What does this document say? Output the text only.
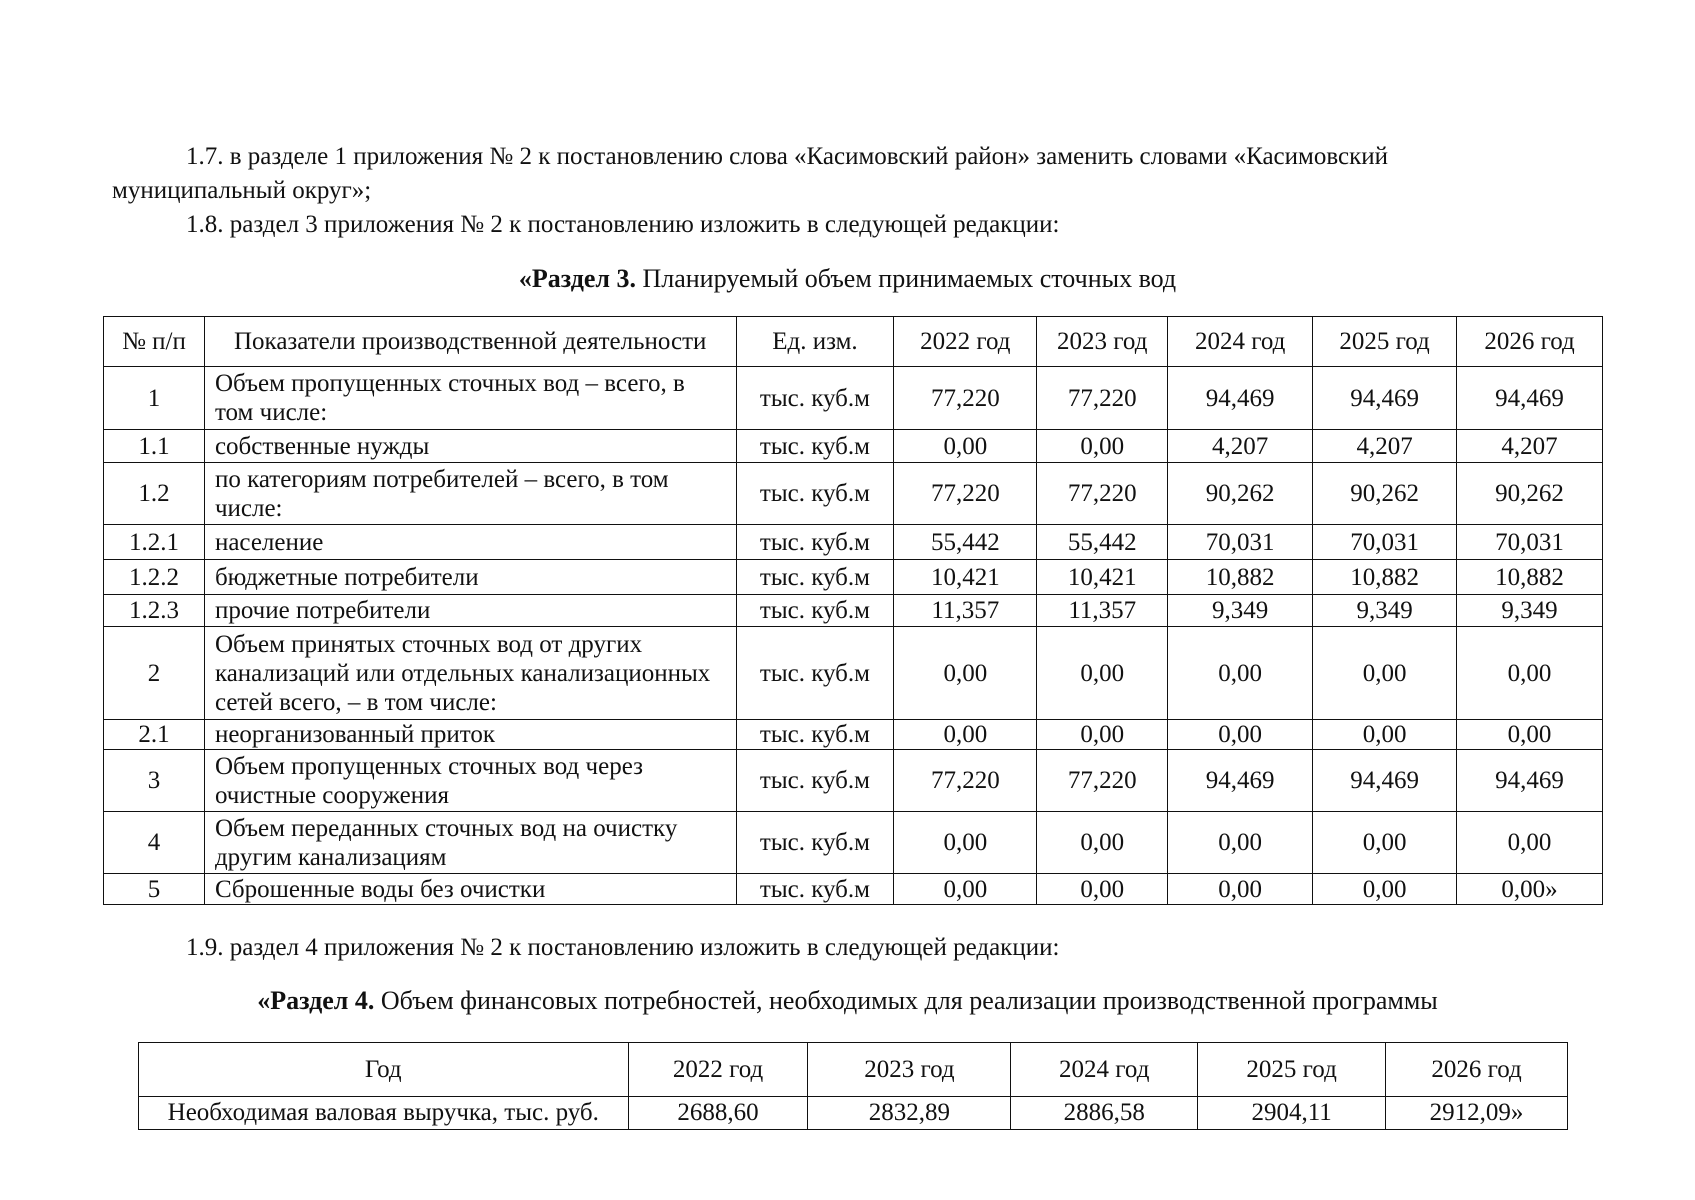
1.7. в разделе 1 приложения № 2 к постановлению слова «Касимовский район» заменить словами «Касимовский
муниципальный округ»;

1.8. раздел 3 приложения № 2 к постановлению изложить в следующей редакции:

«Раздел 3. Планируемый объем принимаемых сточных вод

№ п/п	Показатели производственной деятельности	Ед. изм.	2022 год	2023 год	2024 год	2025 год	2026 год
1	Объем пропущенных сточных вод – всего, в том числе:	тыс. куб.м	77,220	77,220	94,469	94,469	94,469
1.1	собственные нужды	тыс. куб.м	0,00	0,00	4,207	4,207	4,207
1.2	по категориям потребителей – всего, в том числе:	тыс. куб.м	77,220	77,220	90,262	90,262	90,262
1.2.1	население	тыс. куб.м	55,442	55,442	70,031	70,031	70,031
1.2.2	бюджетные потребители	тыс. куб.м	10,421	10,421	10,882	10,882	10,882
1.2.3	прочие потребители	тыс. куб.м	11,357	11,357	9,349	9,349	9,349
2	Объем принятых сточных вод от других канализаций или отдельных канализационных сетей всего, – в том числе:	тыс. куб.м	0,00	0,00	0,00	0,00	0,00
2.1	неорганизованный приток	тыс. куб.м	0,00	0,00	0,00	0,00	0,00
3	Объем пропущенных сточных вод через очистные сооружения	тыс. куб.м	77,220	77,220	94,469	94,469	94,469
4	Объем переданных сточных вод на очистку другим канализациям	тыс. куб.м	0,00	0,00	0,00	0,00	0,00
5	Сброшенные воды без очистки	тыс. куб.м	0,00	0,00	0,00	0,00	0,00»

1.9. раздел 4 приложения № 2 к постановлению изложить в следующей редакции:

«Раздел 4. Объем финансовых потребностей, необходимых для реализации производственной программы

Год	2022 год	2023 год	2024 год	2025 год	2026 год
Необходимая валовая выручка, тыс. руб.	2688,60	2832,89	2886,58	2904,11	2912,09»
